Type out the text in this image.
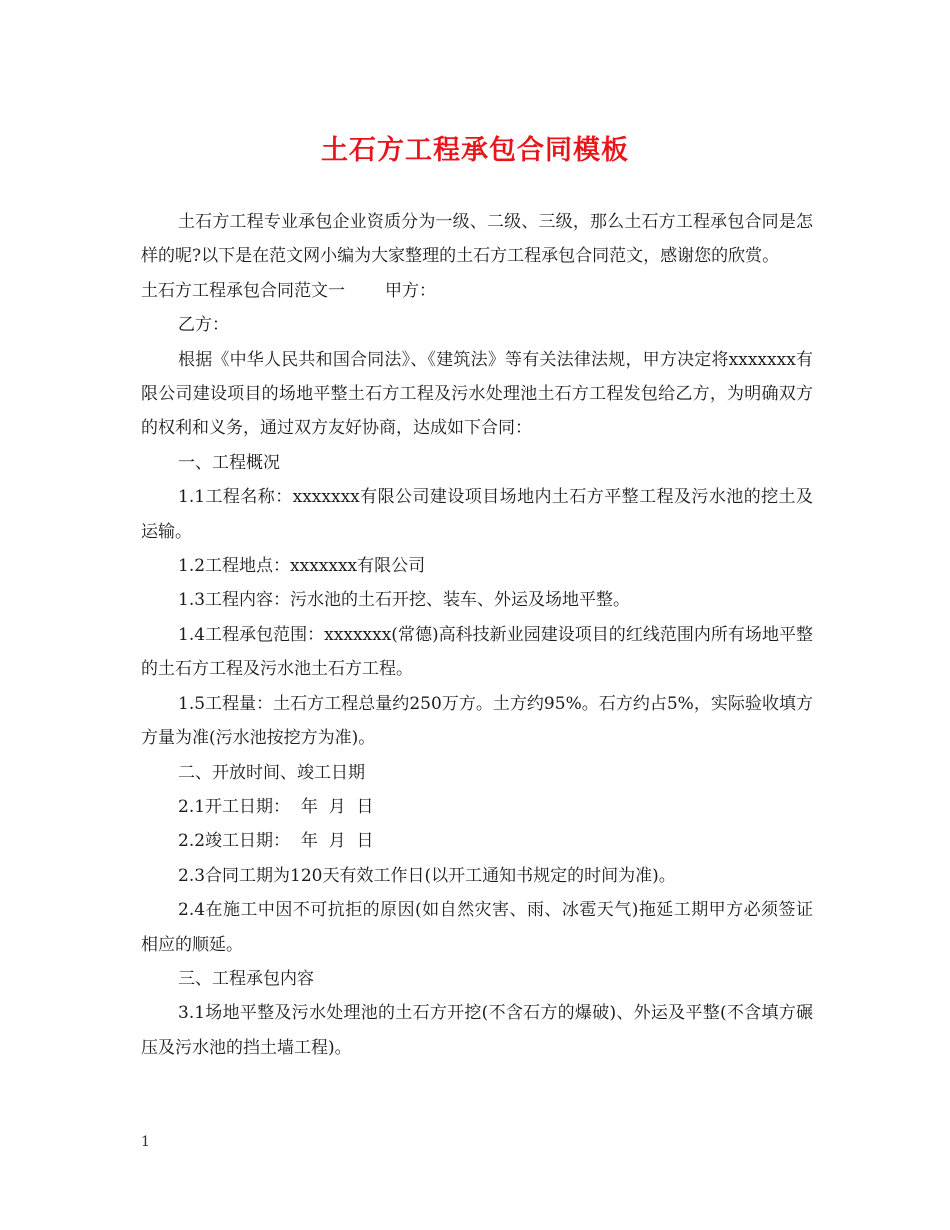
土石方工程承包合同模板

土石方工程专业承包企业资质分为一级、二级、三级，那么土石方工程承包合同是怎样的呢?以下是在范文网小编为大家整理的土石方工程承包合同范文，感谢您的欣赏。

土石方工程承包合同范文一 甲方：

乙方：

根据《中华人民共和国合同法》、《建筑法》等有关法律法规，甲方决定将xxxxxxx有限公司建设项目的场地平整土石方工程及污水处理池土石方工程发包给乙方，为明确双方的权利和义务，通过双方友好协商，达成如下合同：

一、工程概况

1.1工程名称：xxxxxxx有限公司建设项目场地内土石方平整工程及污水池的挖土及运输。

1.2工程地点：xxxxxxx有限公司

1.3工程内容：污水池的土石开挖、装车、外运及场地平整。

1.4工程承包范围：xxxxxxx(常德)高科技新业园建设项目的红线范围内所有场地平整的土石方工程及污水池土石方工程。

1.5工程量：土石方工程总量约250万方。土方约95%。石方约占5%，实际验收填方方量为准(污水池按挖方为准)。

二、开放时间、竣工日期

2.1开工日期：  年  月  日

2.2竣工日期：  年  月  日

2.3合同工期为120天有效工作日(以开工通知书规定的时间为准)。

2.4在施工中因不可抗拒的原因(如自然灾害、雨、冰雹天气)拖延工期甲方必须签证相应的顺延。

三、工程承包内容

3.1场地平整及污水处理池的土石方开挖(不含石方的爆破)、外运及平整(不含填方碾压及污水池的挡土墙工程)。

1
